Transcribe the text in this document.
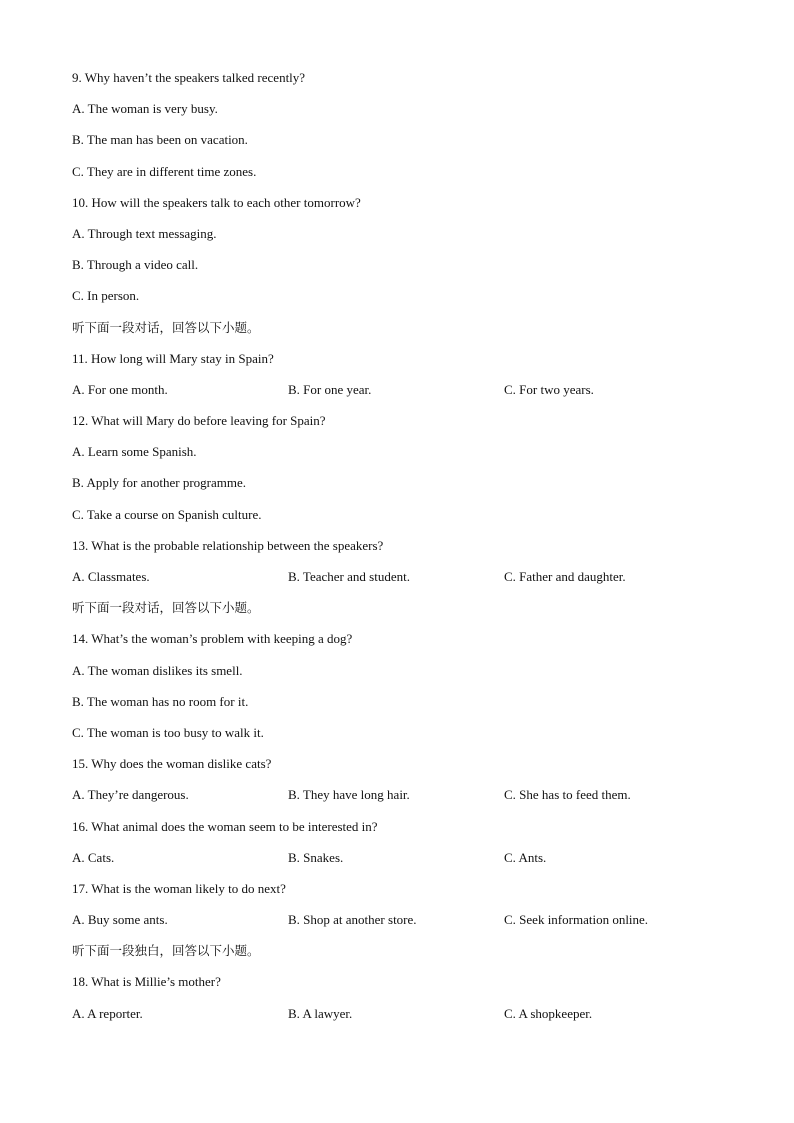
9. Why haven’t the speakers talked recently?
A. The woman is very busy.
B. The man has been on vacation.
C. They are in different time zones.
10. How will the speakers talk to each other tomorrow?
A. Through text messaging.
B. Through a video call.
C. In person.
听下面一段对话，回答以下小题。
11. How long will Mary stay in Spain?
A. For one month.	B. For one year.	C. For two years.
12. What will Mary do before leaving for Spain?
A. Learn some Spanish.
B. Apply for another programme.
C. Take a course on Spanish culture.
13. What is the probable relationship between the speakers?
A. Classmates.	B. Teacher and student.	C. Father and daughter.
听下面一段对话，回答以下小题。
14. What’s the woman’s problem with keeping a dog?
A. The woman dislikes its smell.
B. The woman has no room for it.
C. The woman is too busy to walk it.
15. Why does the woman dislike cats?
A. They’re dangerous.	B. They have long hair.	C. She has to feed them.
16. What animal does the woman seem to be interested in?
A. Cats.	B. Snakes.	C. Ants.
17. What is the woman likely to do next?
A. Buy some ants.	B. Shop at another store.	C. Seek information online.
听下面一段独白，回答以下小题。
18. What is Millie’s mother?
A. A reporter.	B. A lawyer.	C. A shopkeeper.
